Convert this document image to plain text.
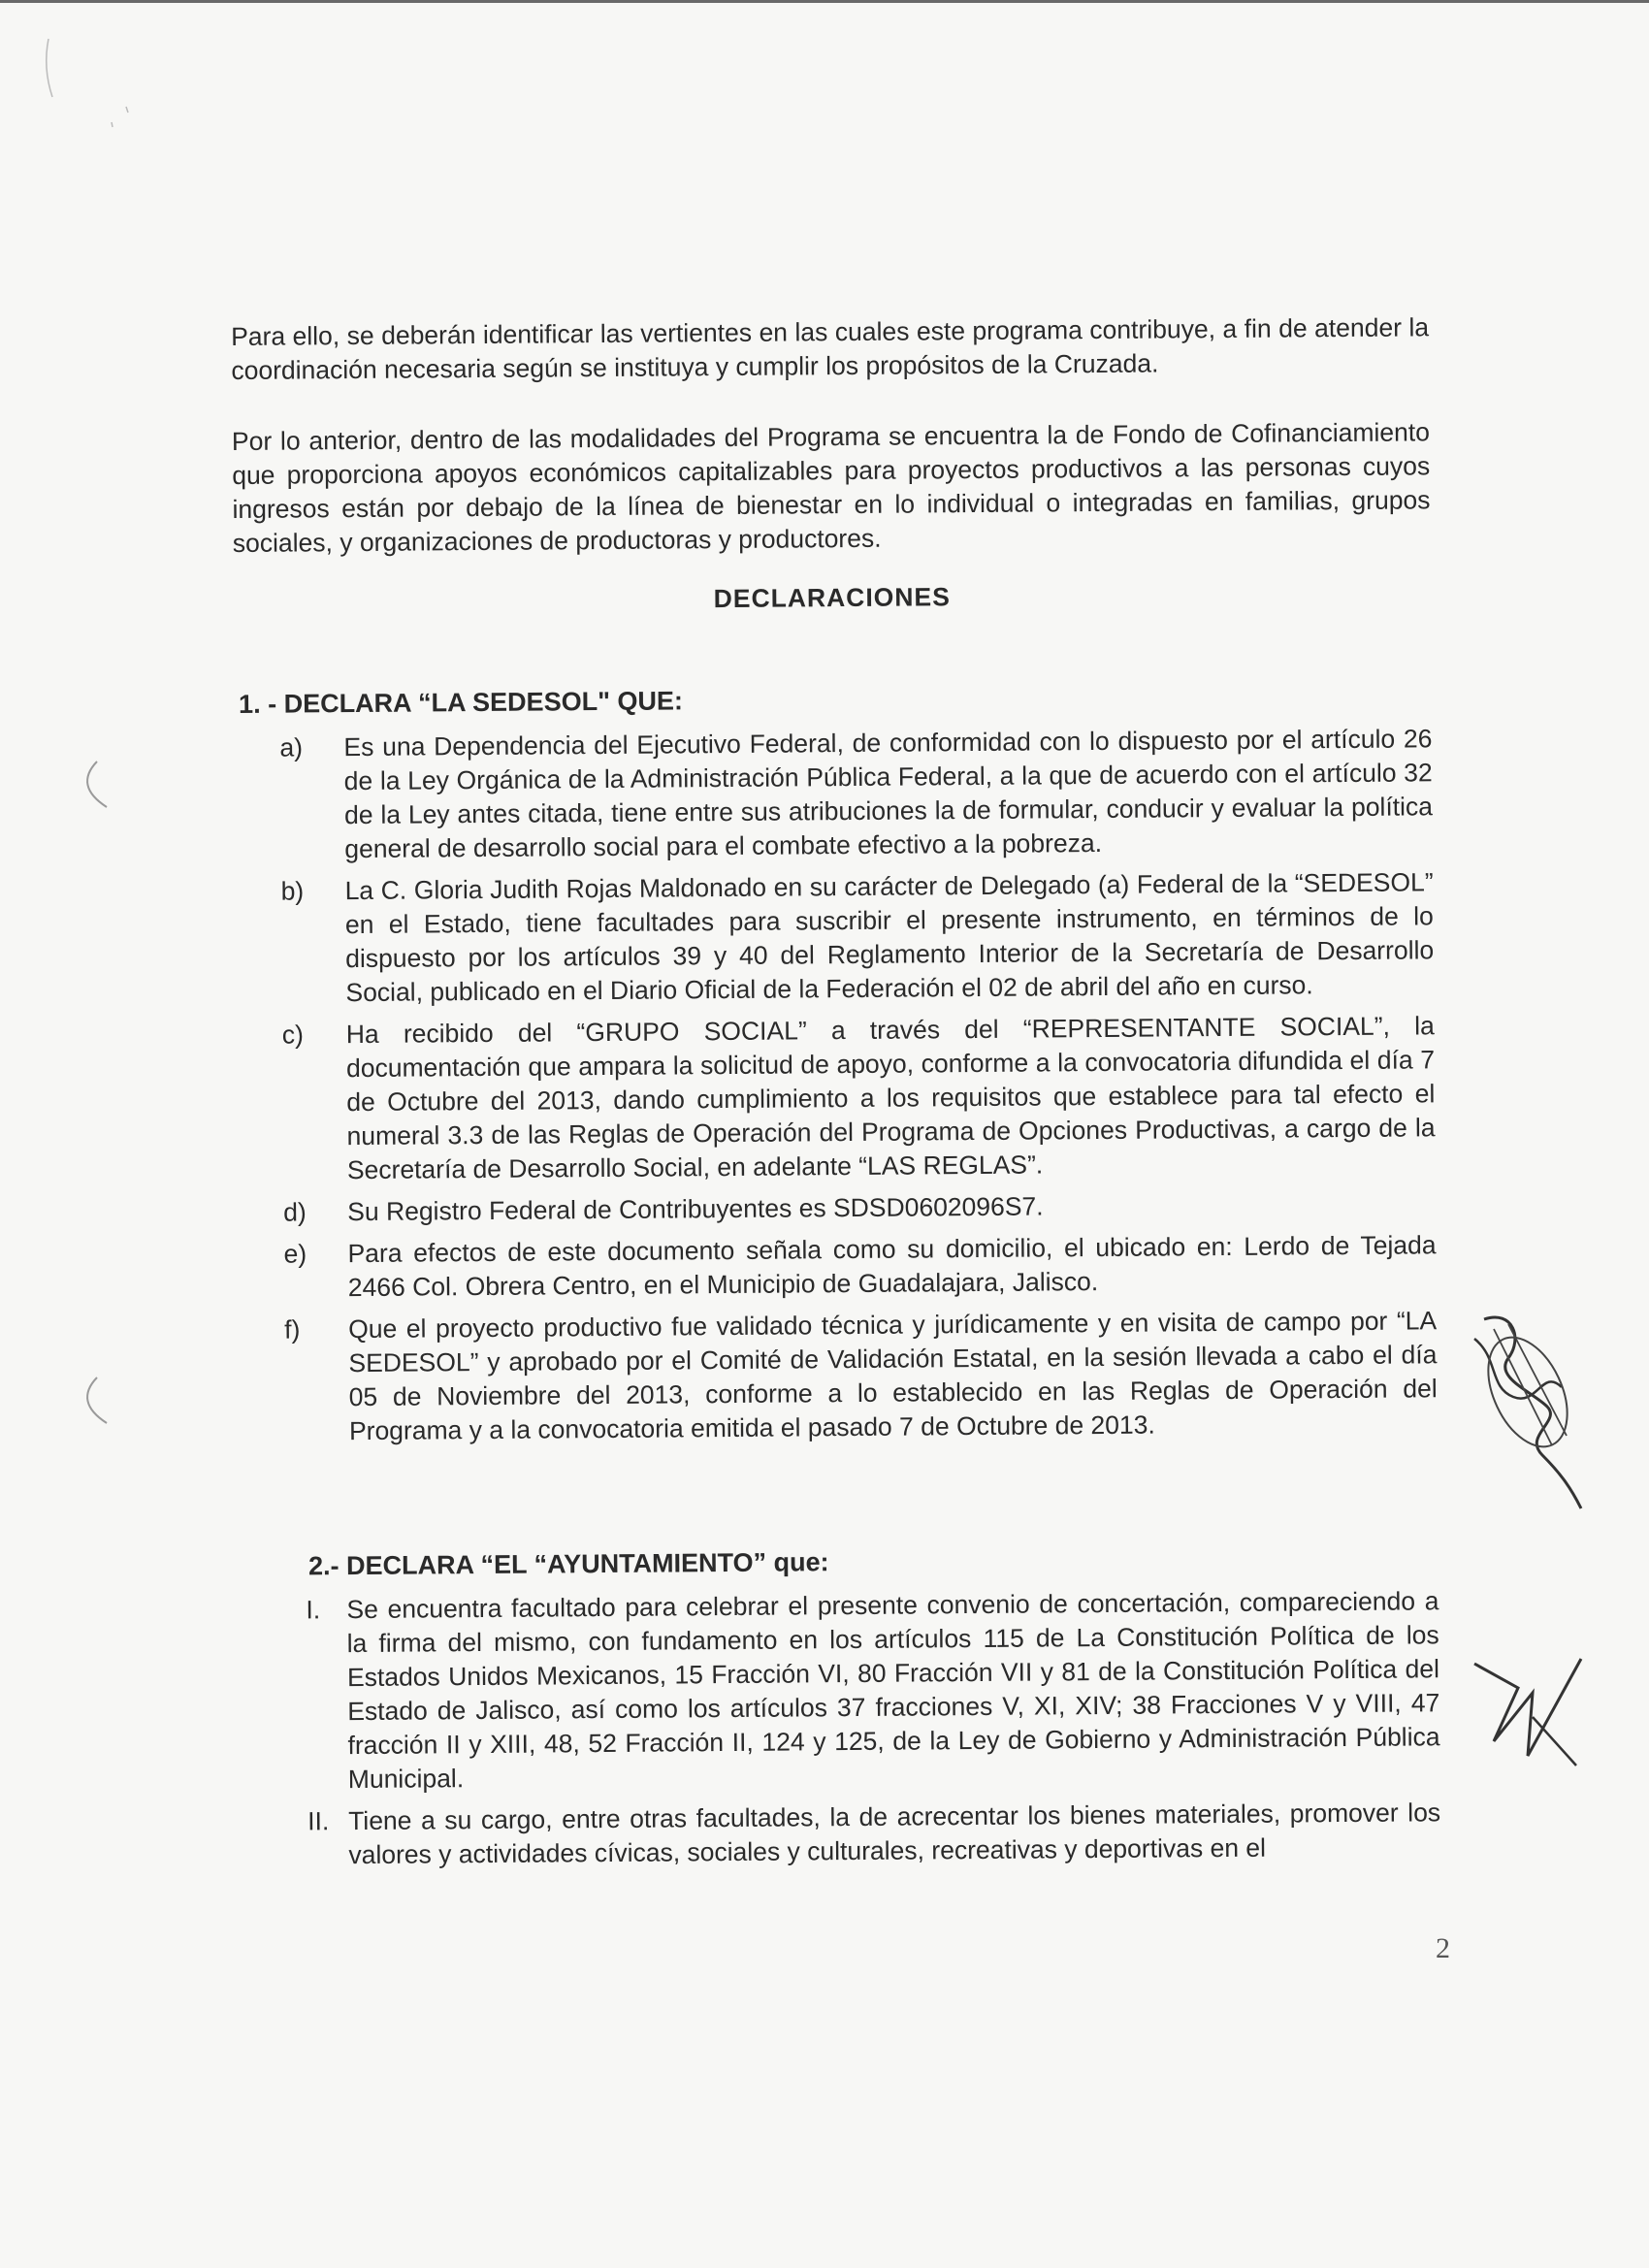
Para ello, se deberán identificar las vertientes en las cuales este programa contribuye, a fin de atender la coordinación necesaria según se instituya y cumplir los propósitos de la Cruzada.

Por lo anterior, dentro de las modalidades del Programa se encuentra la de Fondo de Cofinanciamiento que proporciona apoyos económicos capitalizables para proyectos productivos a las personas cuyos ingresos están por debajo de la línea de bienestar en lo individual o integradas en familias, grupos sociales, y organizaciones de productoras y productores.

DECLARACIONES
1. - DECLARA “LA SEDESOL" QUE:
a)	Es una Dependencia del Ejecutivo Federal, de conformidad con lo dispuesto por el artículo 26 de la Ley Orgánica de la Administración Pública Federal, a la que de acuerdo con el artículo 32 de la Ley antes citada, tiene entre sus atribuciones la de formular, conducir y evaluar la política general de desarrollo social para el combate efectivo a la pobreza.
b)	La C. Gloria Judith Rojas Maldonado en su carácter de Delegado (a) Federal de la “SEDESOL” en el Estado, tiene facultades para suscribir el presente instrumento, en términos de lo dispuesto por los artículos 39 y 40 del Reglamento Interior de la Secretaría de Desarrollo Social, publicado en el Diario Oficial de la Federación el 02 de abril del año en curso.
c)	Ha recibido del “GRUPO SOCIAL” a través del “REPRESENTANTE SOCIAL”, la documentación que ampara la solicitud de apoyo, conforme a la convocatoria difundida el día 7 de Octubre del 2013, dando cumplimiento a los requisitos que establece para tal efecto el numeral 3.3 de las Reglas de Operación del Programa de Opciones Productivas, a cargo de la Secretaría de Desarrollo Social, en adelante “LAS REGLAS”.
d)	Su Registro Federal de Contribuyentes es SDSD0602096S7.
e)	Para efectos de este documento señala como su domicilio, el ubicado en: Lerdo de Tejada 2466 Col. Obrera Centro, en el Municipio de Guadalajara, Jalisco.
f)	Que el proyecto productivo fue validado técnica y jurídicamente y en visita de campo por “LA SEDESOL” y aprobado por el Comité de Validación Estatal, en la sesión llevada a cabo el día 05 de Noviembre del 2013, conforme a lo establecido en las Reglas de Operación del Programa y a la convocatoria emitida el pasado 7 de Octubre de 2013.
2.- DECLARA “EL “AYUNTAMIENTO” que:
I.	Se encuentra facultado para celebrar el presente convenio de concertación, compareciendo a la firma del mismo, con fundamento en los artículos 115 de La Constitución Política de los Estados Unidos Mexicanos, 15 Fracción VI, 80 Fracción VII y 81 de la Constitución Política del Estado de Jalisco, así como los artículos 37 fracciones V, XI, XIV; 38 Fracciones V y VIII, 47 fracción II y XIII, 48, 52 Fracción II, 124 y 125, de la Ley de Gobierno y Administración Pública Municipal.
II. Tiene a su cargo, entre otras facultades, la de acrecentar los bienes materiales, promover los valores y actividades cívicas, sociales y culturales, recreativas y deportivas en el
2
